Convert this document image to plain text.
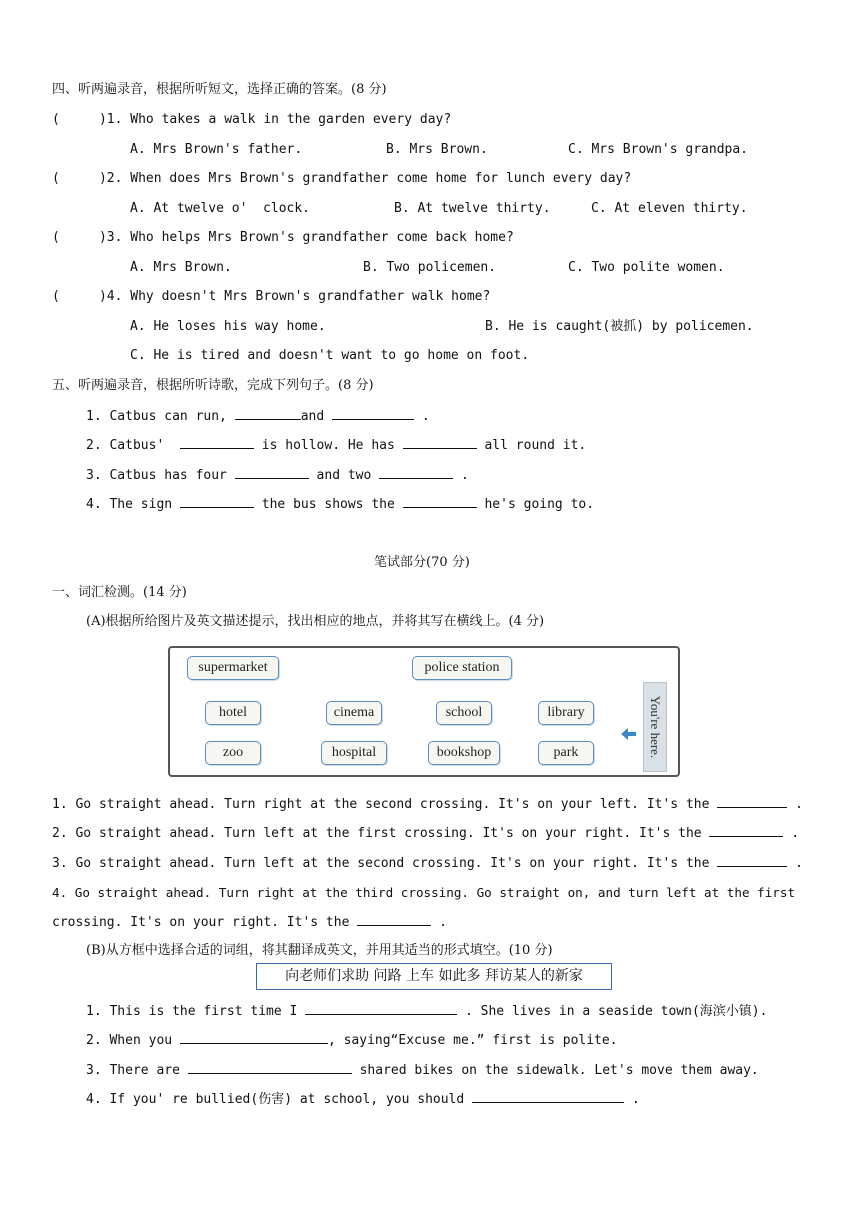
四、听两遍录音，根据所听短文，选择正确的答案。(8 分)
(     )1. Who takes a walk in the garden every day?
A. Mrs Brown's father.	B. Mrs Brown.	C. Mrs Brown's grandpa.
(     )2. When does Mrs Brown's grandfather come home for lunch every day?
A. At twelve o'  clock.	B. At twelve thirty.	C. At eleven thirty.
(     )3. Who helps Mrs Brown's grandfather come back home?
A. Mrs Brown.	B. Two policemen.	C. Two polite women.
(     )4. Why doesn't Mrs Brown's grandfather walk home?
A. He loses his way home.	B. He is caught(被抓) by policemen.
C. He is tired and doesn't want to go home on foot.
五、听两遍录音，根据所听诗歌，完成下列句子。(8 分)
1. Catbus can run,	and	.
2. Catbus'	is hollow. He has	all round it.
3. Catbus has four	and two	.
4. The sign	the bus shows the	he's going to.
笔试部分(70 分)
一、词汇检测。(14 分)
(A)根据所给图片及英文描述提示，找出相应的地点，并将其写在横线上。(4 分)
supermarket	police station
hotel	cinema	school	library
zoo	hospital	bookshop	park	You're here.
1. Go straight ahead. Turn right at the second crossing. It's on your left. It's the	.
2. Go straight ahead. Turn left at the first crossing. It's on your right. It's the	.
3. Go straight ahead. Turn left at the second crossing. It's on your right. It's the	.
4. Go straight ahead. Turn right at the third crossing. Go straight on, and turn left at the first
crossing. It's on your right. It's the	.
(B)从方框中选择合适的词组，将其翻译成英文，并用其适当的形式填空。(10 分)
向老师们求助 问路 上车 如此多 拜访某人的新家
1. This is the first time I	. She lives in a seaside town(海滨小镇).
2. When you	, saying“Excuse me.” first is polite.
3. There are	shared bikes on the sidewalk. Let's move them away.
4. If you' re bullied(伤害) at school, you should	.
